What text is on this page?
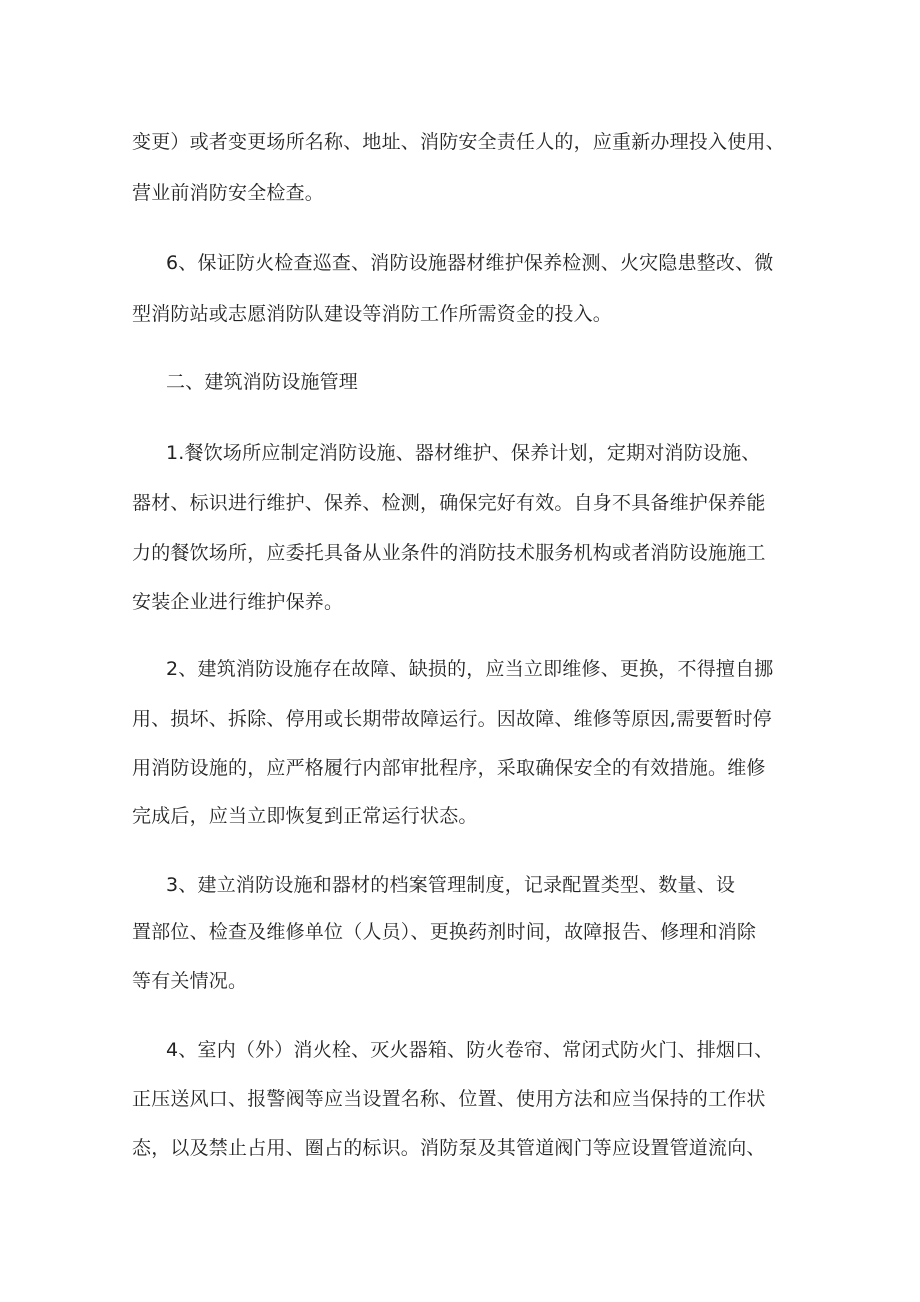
变更）或者变更场所名称、地址、消防安全责任人的，应重新办理投入使用、
营业前消防安全检查。
6、保证防火检查巡查、消防设施器材维护保养检测、火灾隐患整改、微
型消防站或志愿消防队建设等消防工作所需资金的投入。
二、建筑消防设施管理
1.餐饮场所应制定消防设施、器材维护、保养计划，定期对消防设施、
器材、标识进行维护、保养、检测，确保完好有效。自身不具备维护保养能
力的餐饮场所，应委托具备从业条件的消防技术服务机构或者消防设施施工
安装企业进行维护保养。
2、建筑消防设施存在故障、缺损的，应当立即维修、更换，不得擅自挪
用、损坏、拆除、停用或长期带故障运行。因故障、维修等原因,需要暂时停
用消防设施的，应严格履行内部审批程序，采取确保安全的有效措施。维修
完成后，应当立即恢复到正常运行状态。
3、建立消防设施和器材的档案管理制度，记录配置类型、数量、设
置部位、检查及维修单位（人员）、更换药剂时间，故障报告、修理和消除
等有关情况。
4、室内（外）消火栓、灭火器箱、防火卷帘、常闭式防火门、排烟口、
正压送风口、报警阀等应当设置名称、位置、使用方法和应当保持的工作状
态，以及禁止占用、圈占的标识。消防泵及其管道阀门等应设置管道流向、
